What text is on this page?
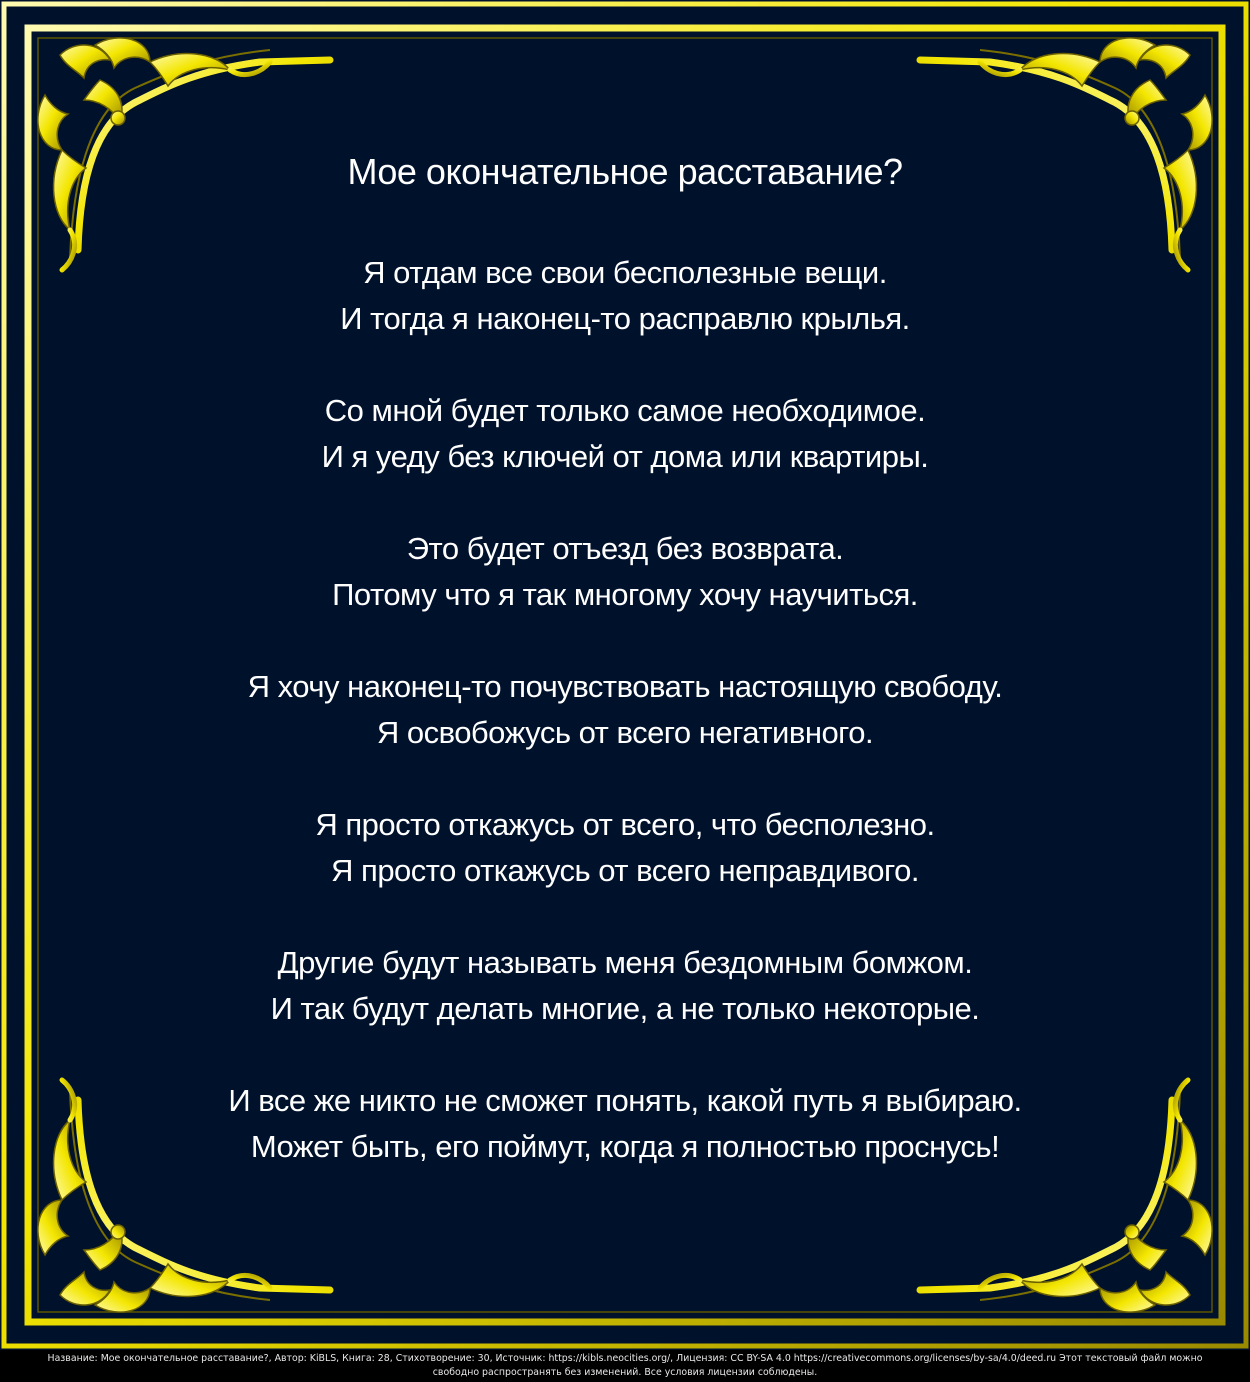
Мое окончательное расставание?
Я отдам все свои бесполезные вещи.
И тогда я наконец-то расправлю крылья.
Со мной будет только самое необходимое.
И я уеду без ключей от дома или квартиры.
Это будет отъезд без возврата.
Потому что я так многому хочу научиться.
Я хочу наконец-то почувствовать настоящую свободу.
Я освобожусь от всего негативного.
Я просто откажусь от всего, что бесполезно.
Я просто откажусь от всего неправдивого.
Другие будут называть меня бездомным бомжом.
И так будут делать многие, а не только некоторые.
И все же никто не сможет понять, какой путь я выбираю.
Может быть, его поймут, когда я полностью проснусь!
Название: Мое окончательное расставание?, Автор: KiBLS, Книга: 28, Стихотворение: 30, Источник: https://kibls.neocities.org/, Лицензия: CC BY-SA 4.0 https://creativecommons.org/licenses/by-sa/4.0/deed.ru Этот текстовый файл можно
свободно распространять без изменений. Все условия лицензии соблюдены.
